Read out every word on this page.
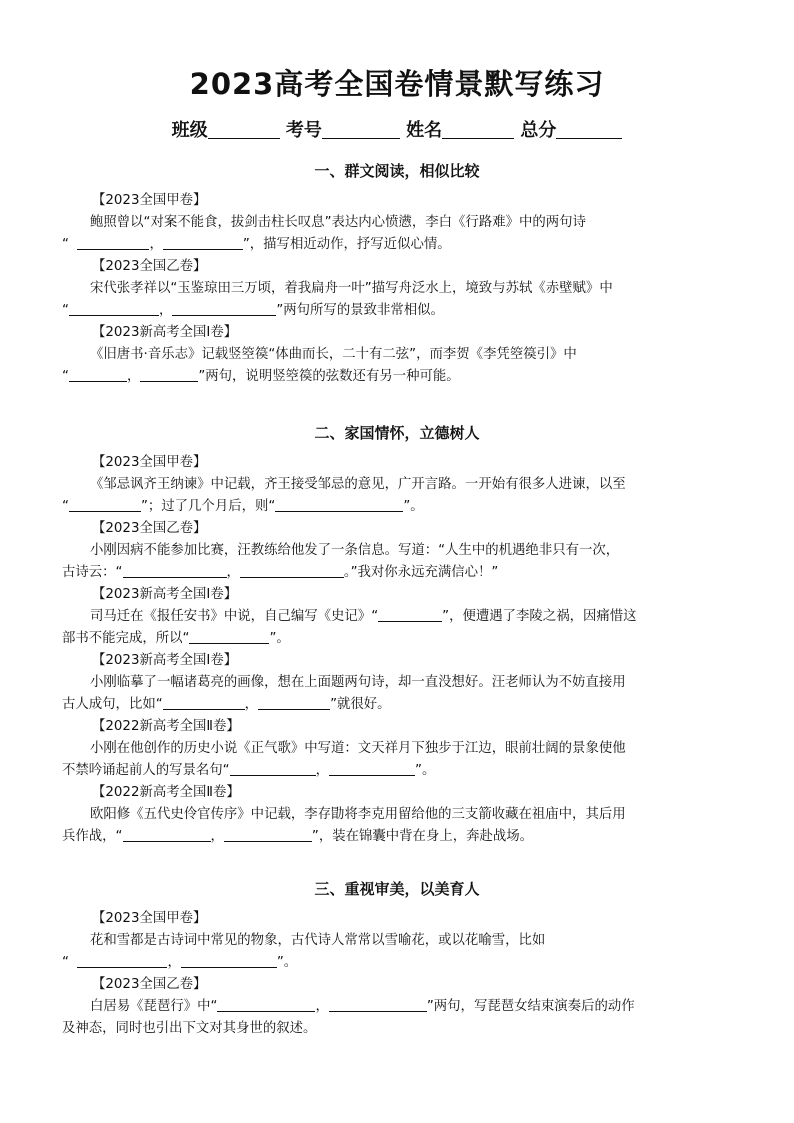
2023高考全国卷情景默写练习
班级	考号	姓名	总分
一、群文阅读，相似比较
【2023全国甲卷】
鲍照曾以“对案不能食，拔剑击柱长叹息”表达内心愤懑，李白《行路难》中的两句诗
“	，	”，描写相近动作，抒写近似心情。
【2023全国乙卷】
宋代张孝祥以“玉鉴琼田三万顷，着我扁舟一叶”描写舟泛水上，境致与苏轼《赤壁赋》中
“	，	”两句所写的景致非常相似。
【2023新高考全国Ⅰ卷】
《旧唐书·音乐志》记载竖箜篌“体曲而长，二十有二弦”，而李贺《李凭箜篌引》中
“	，	”两句，说明竖箜篌的弦数还有另一种可能。
二、家国情怀，立德树人
【2023全国甲卷】
《邹忌讽齐王纳谏》中记载，齐王接受邹忌的意见，广开言路。一开始有很多人进谏，以至
“	”；过了几个月后，则“	”。
【2023全国乙卷】
小刚因病不能参加比赛，汪教练给他发了一条信息。写道：“人生中的机遇绝非只有一次，
古诗云：“	，	。”我对你永远充满信心！”
【2023新高考全国Ⅰ卷】
司马迁在《报任安书》中说，自己编写《史记》“	”，便遭遇了李陵之祸，因痛惜这
部书不能完成，所以“	”。
【2023新高考全国Ⅰ卷】
小刚临摹了一幅诸葛亮的画像，想在上面题两句诗，却一直没想好。汪老师认为不妨直接用
古人成句，比如“	，	”就很好。
【2022新高考全国Ⅱ卷】
小刚在他创作的历史小说《正气歌》中写道：文天祥月下独步于江边，眼前壮阔的景象使他
不禁吟诵起前人的写景名句“	，	”。
【2022新高考全国Ⅱ卷】
欧阳修《五代史伶官传序》中记载，李存勖将李克用留给他的三支箭收藏在祖庙中，其后用
兵作战，“	，	”，装在锦囊中背在身上，奔赴战场。
三、重视审美，以美育人
【2023全国甲卷】
花和雪都是古诗词中常见的物象，古代诗人常常以雪喻花，或以花喻雪，比如
“	，	”。
【2023全国乙卷】
白居易《琵琶行》中“	，	”两句，写琵琶女结束演奏后的动作
及神态，同时也引出下文对其身世的叙述。
